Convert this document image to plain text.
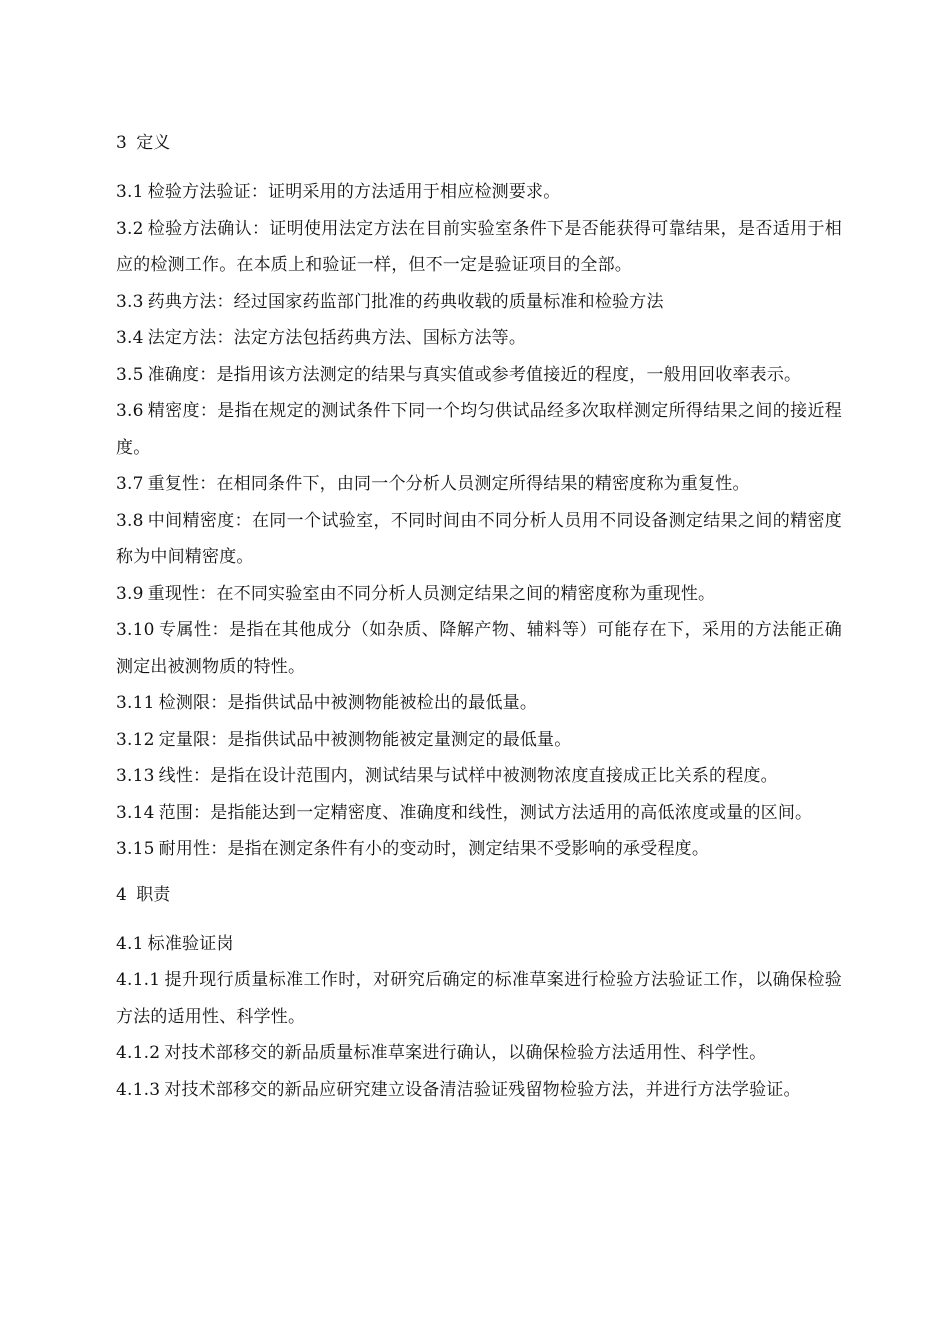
3 定义

3.1 检验方法验证：证明采用的方法适用于相应检测要求。

3.2 检验方法确认：证明使用法定方法在目前实验室条件下是否能获得可靠结果，是否适用于相应的检测工作。在本质上和验证一样，但不一定是验证项目的全部。

3.3 药典方法：经过国家药监部门批准的药典收载的质量标准和检验方法

3.4 法定方法：法定方法包括药典方法、国标方法等。

3.5 准确度：是指用该方法测定的结果与真实值或参考值接近的程度，一般用回收率表示。

3.6 精密度：是指在规定的测试条件下同一个均匀供试品经多次取样测定所得结果之间的接近程度。

3.7 重复性：在相同条件下，由同一个分析人员测定所得结果的精密度称为重复性。

3.8 中间精密度：在同一个试验室，不同时间由不同分析人员用不同设备测定结果之间的精密度称为中间精密度。

3.9 重现性：在不同实验室由不同分析人员测定结果之间的精密度称为重现性。

3.10 专属性：是指在其他成分（如杂质、降解产物、辅料等）可能存在下，采用的方法能正确测定出被测物质的特性。

3.11 检测限：是指供试品中被测物能被检出的最低量。

3.12 定量限：是指供试品中被测物能被定量测定的最低量。

3.13 线性：是指在设计范围内，测试结果与试样中被测物浓度直接成正比关系的程度。

3.14 范围：是指能达到一定精密度、准确度和线性，测试方法适用的高低浓度或量的区间。

3.15 耐用性：是指在测定条件有小的变动时，测定结果不受影响的承受程度。

4 职责

4.1 标准验证岗

4.1.1 提升现行质量标准工作时，对研究后确定的标准草案进行检验方法验证工作，以确保检验方法的适用性、科学性。

4.1.2 对技术部移交的新品质量标准草案进行确认，以确保检验方法适用性、科学性。

4.1.3 对技术部移交的新品应研究建立设备清洁验证残留物检验方法，并进行方法学验证。
